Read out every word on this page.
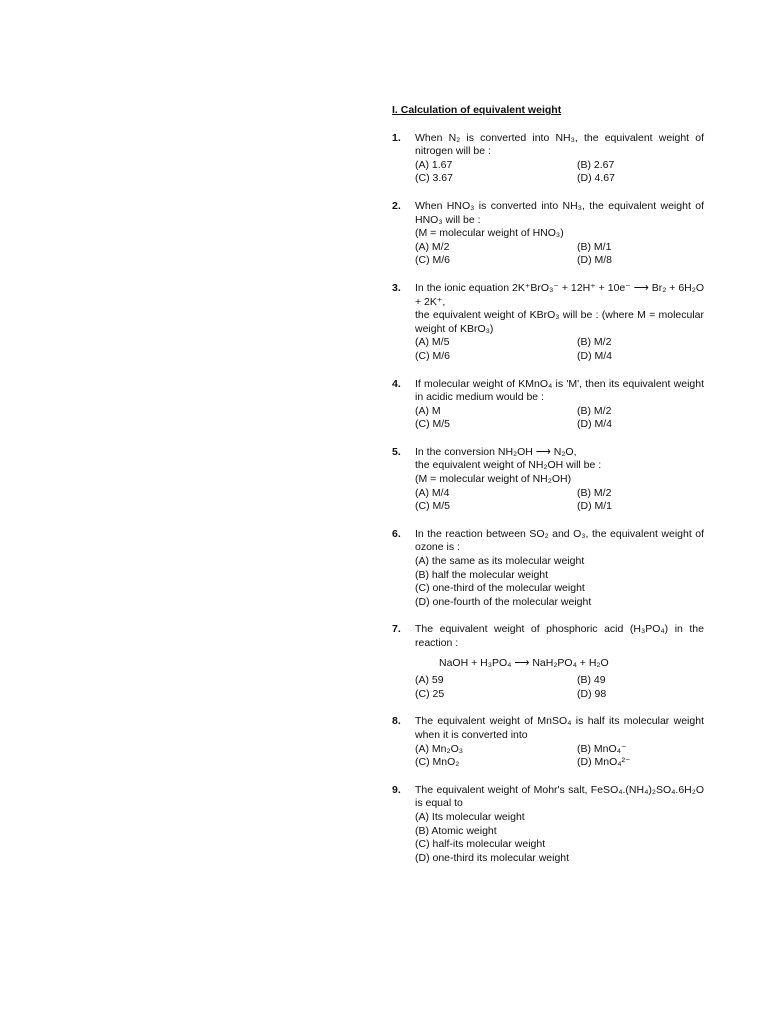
I. Calculation of equivalent weight
1. When N₂ is converted into NH₃, the equivalent weight of nitrogen will be :
(A) 1.67	(B) 2.67
(C) 3.67	(D) 4.67
2. When HNO₃ is converted into NH₃, the equivalent weight of HNO₃ will be :
(M = molecular weight of HNO₃)
(A) M/2	(B) M/1
(C) M/6	(D) M/8
3. In the ionic equation 2K⁺BrO₃⁻ + 12H⁺ + 10e⁻ ⟶ Br₂ + 6H₂O + 2K⁺,
the equivalent weight of KBrO₃ will be : (where M = molecular weight of KBrO₃)
(A) M/5	(B) M/2
(C) M/6	(D) M/4
4. If molecular weight of KMnO₄ is 'M', then its equivalent weight in acidic medium would be :
(A) M	(B) M/2
(C) M/5	(D) M/4
5. In the conversion NH₂OH ⟶ N₂O,
the equivalent weight of NH₂OH will be :
(M = molecular weight of NH₂OH)
(A) M/4	(B) M/2
(C) M/5	(D) M/1
6. In the reaction between SO₂ and O₃, the equivalent weight of ozone is :
(A) the same as its molecular weight
(B) half the molecular weight
(C) one-third of the molecular weight
(D) one-fourth of the molecular weight
7. The equivalent weight of phosphoric acid (H₃PO₄) in the reaction :
NaOH + H₃PO₄ ⟶ NaH₂PO₄ + H₂O
(A) 59	(B) 49
(C) 25	(D) 98
8. The equivalent weight of MnSO₄ is half its molecular weight when it is converted into
(A) Mn₂O₃	(B) MnO₄⁻
(C) MnO₂	(D) MnO₄²⁻
9. The equivalent weight of Mohr's salt, FeSO₄.(NH₄)₂SO₄.6H₂O is equal to
(A) Its molecular weight
(B) Atomic weight
(C) half-its molecular weight
(D) one-third its molecular weight
